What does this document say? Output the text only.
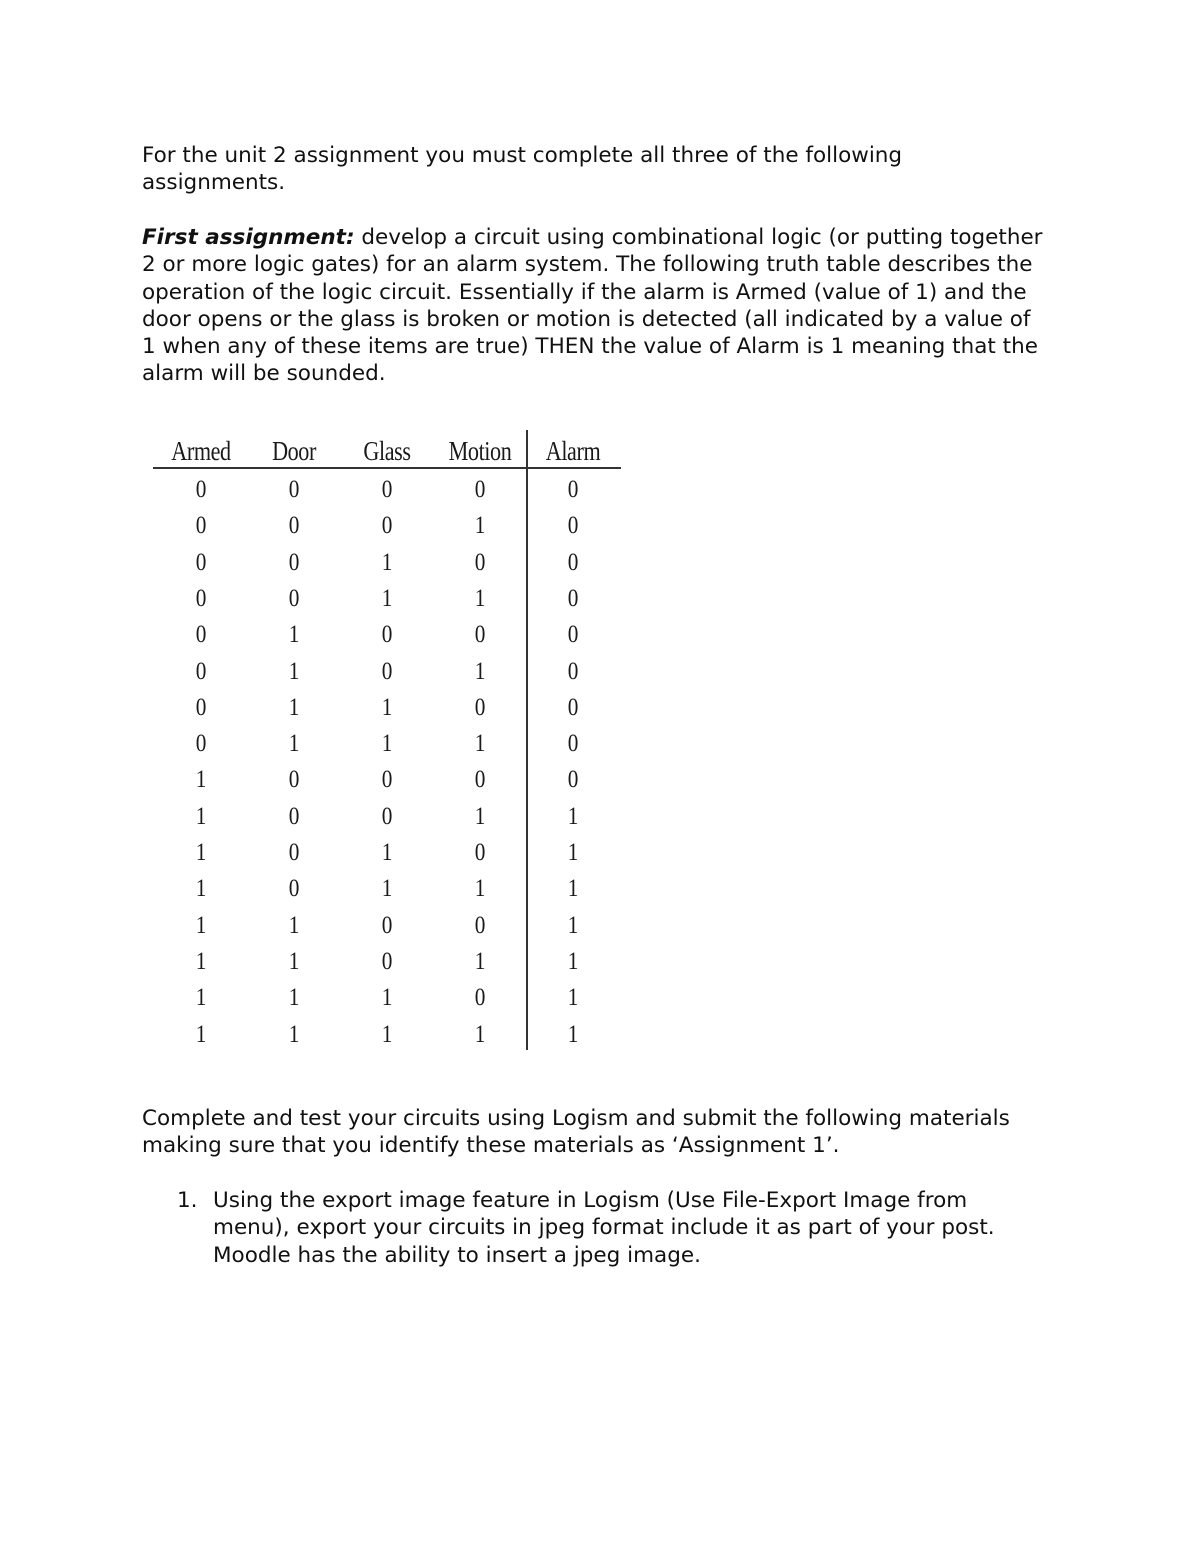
For the unit 2 assignment you must complete all three of the following assignments.

First assignment: develop a circuit using combinational logic (or putting together 2 or more logic gates) for an alarm system. The following truth table describes the operation of the logic circuit. Essentially if the alarm is Armed (value of 1) and the door opens or the glass is broken or motion is detected (all indicated by a value of 1 when any of these items are true) THEN the value of Alarm is 1 meaning that the alarm will be sounded.

Armed Door Glass Motion Alarm
0	0	0	0	0
0	0	0	1	0
0	0	1	0	0
0	0	1	1	0
0	1	0	0	0
0	1	0	1	0
0	1	1	0	0
0	1	1	1	0
1	0	0	0	0
1	0	0	1	1
1	0	1	0	1
1	0	1	1	1
1	1	0	0	1
1	1	0	1	1
1	1	1	0	1
1	1	1	1	1

Complete and test your circuits using Logism and submit the following materials making sure that you identify these materials as ‘Assignment 1’.

1. Using the export image feature in Logism (Use File-Export Image from menu), export your circuits in jpeg format include it as part of your post. Moodle has the ability to insert a jpeg image.
